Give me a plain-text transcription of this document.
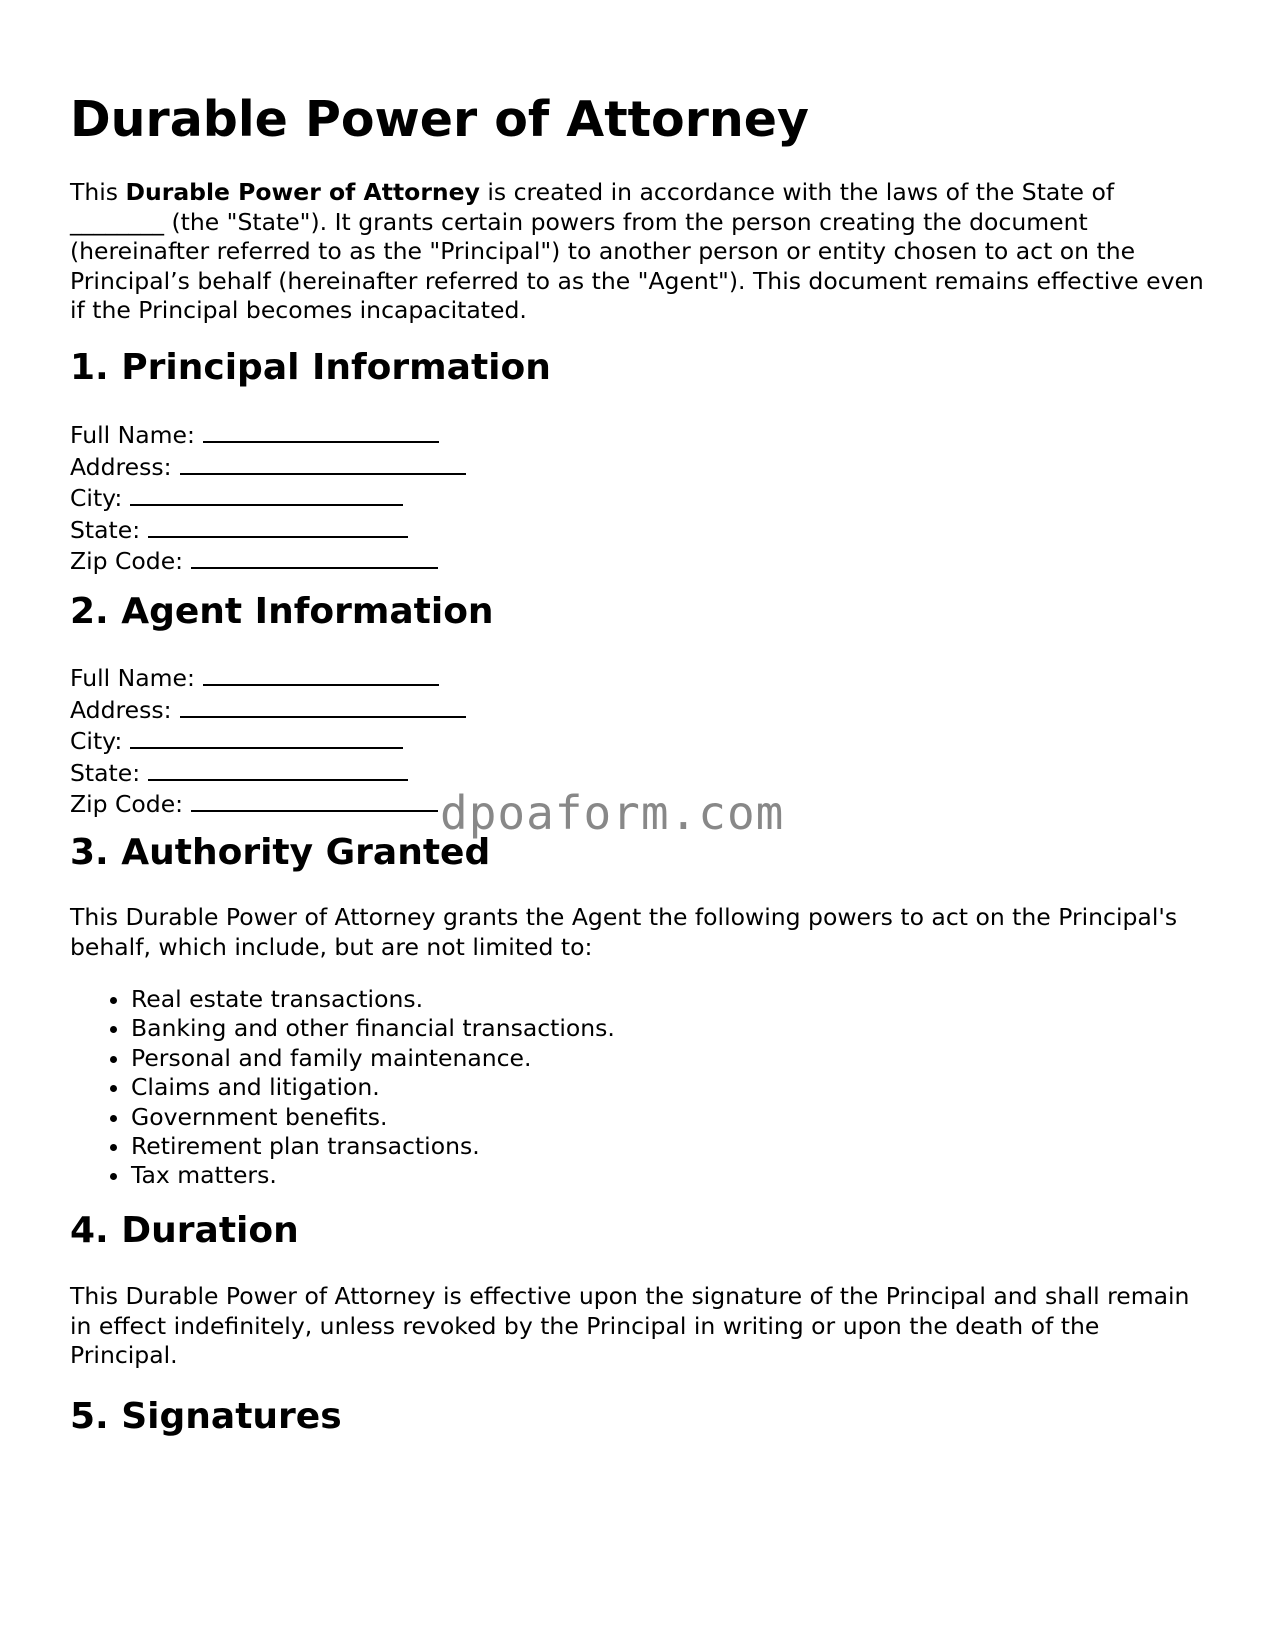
Durable Power of Attorney

This Durable Power of Attorney is created in accordance with the laws of the State of ________ (the "State"). It grants certain powers from the person creating the document (hereinafter referred to as the "Principal") to another person or entity chosen to act on the Principal’s behalf (hereinafter referred to as the "Agent"). This document remains effective even if the Principal becomes incapacitated.

1. Principal Information
Full Name:
Address:
City:
State:
Zip Code:
2. Agent Information
Full Name:
Address:
City:
State:
Zip Code:
3. Authority Granted

This Durable Power of Attorney grants the Agent the following powers to act on the Principal's behalf, which include, but are not limited to:

• Real estate transactions.
• Banking and other financial transactions.
• Personal and family maintenance.
• Claims and litigation.
• Government benefits.
• Retirement plan transactions.
• Tax matters.
4. Duration

This Durable Power of Attorney is effective upon the signature of the Principal and shall remain in effect indefinitely, unless revoked by the Principal in writing or upon the death of the Principal.

5. Signatures
dpoaform.com
